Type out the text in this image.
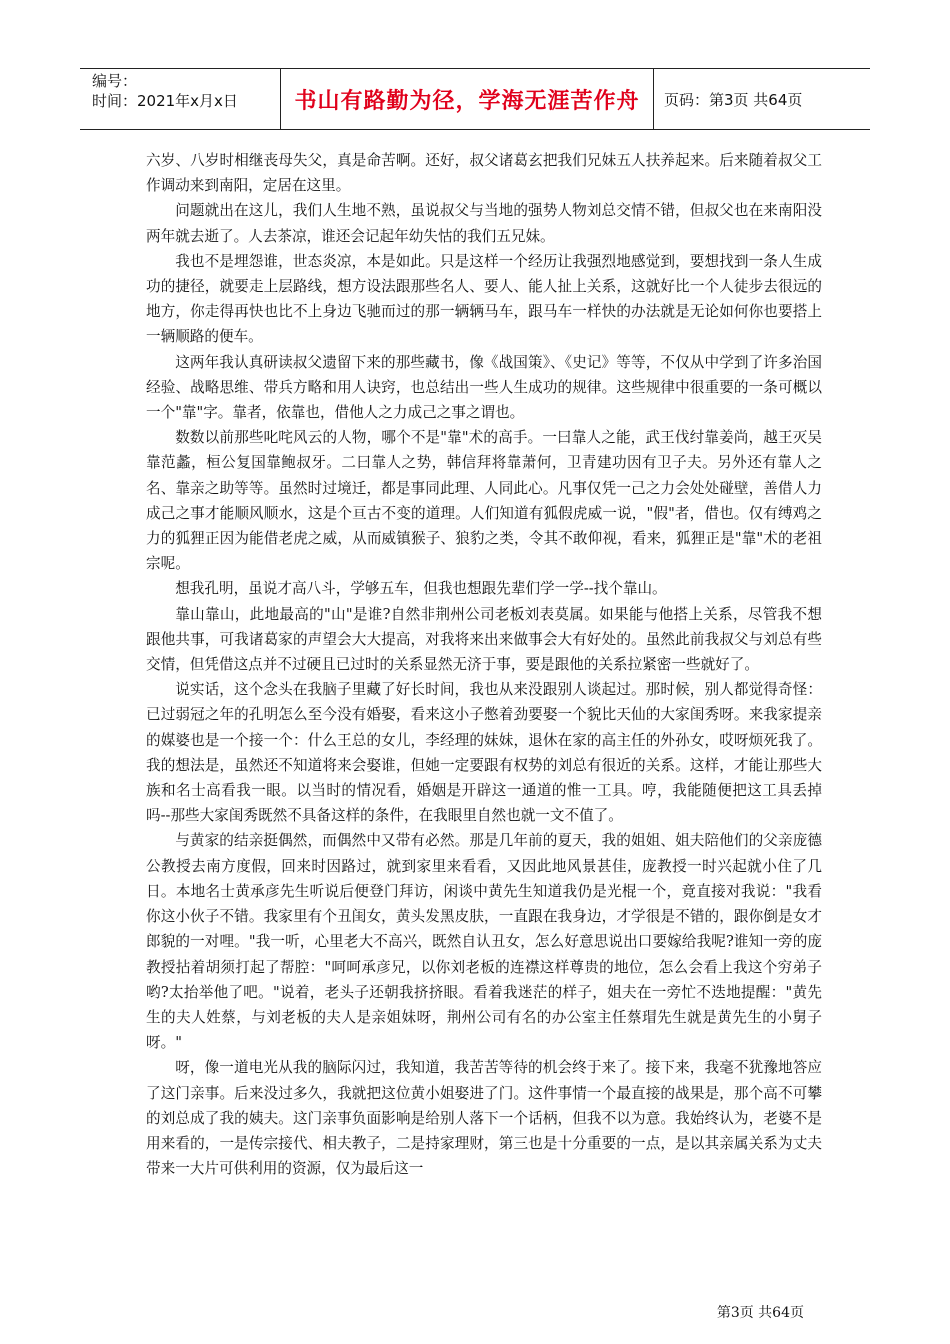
编号：
时间：2021年x月x日	书山有路勤为径，学海无涯苦作舟	页码：第3页 共64页

六岁、八岁时相继丧母失父，真是命苦啊。还好，叔父诸葛玄把我们兄妹五人扶养起来。后来随着叔父工作调动来到南阳，定居在这里。

问题就出在这儿，我们人生地不熟，虽说叔父与当地的强势人物刘总交情不错，但叔父也在来南阳没两年就去逝了。人去茶凉，谁还会记起年幼失怙的我们五兄妹。

我也不是埋怨谁，世态炎凉，本是如此。只是这样一个经历让我强烈地感觉到，要想找到一条人生成功的捷径，就要走上层路线，想方设法跟那些名人、要人、能人扯上关系，这就好比一个人徒步去很远的地方，你走得再快也比不上身边飞驰而过的那一辆辆马车，跟马车一样快的办法就是无论如何你也要搭上一辆顺路的便车。

这两年我认真研读叔父遗留下来的那些藏书，像《战国策》、《史记》等等，不仅从中学到了许多治国经验、战略思维、带兵方略和用人诀窍，也总结出一些人生成功的规律。这些规律中很重要的一条可概以一个"靠"字。靠者，依靠也，借他人之力成己之事之谓也。

数数以前那些叱咤风云的人物，哪个不是"靠"术的高手。一曰靠人之能，武王伐纣靠姜尚，越王灭吴靠范蠡，桓公复国靠鲍叔牙。二曰靠人之势，韩信拜将靠萧何，卫青建功因有卫子夫。另外还有靠人之名、靠亲之助等等。虽然时过境迁，都是事同此理、人同此心。凡事仅凭一己之力会处处碰壁，善借人力成己之事才能顺风顺水，这是个亘古不变的道理。人们知道有狐假虎威一说，"假"者，借也。仅有缚鸡之力的狐狸正因为能借老虎之威，从而威镇猴子、狼豹之类，令其不敢仰视，看来，狐狸正是"靠"术的老祖宗呢。

想我孔明，虽说才高八斗，学够五车，但我也想跟先辈们学一学--找个靠山。

靠山靠山，此地最高的"山"是谁?自然非荆州公司老板刘表莫属。如果能与他搭上关系，尽管我不想跟他共事，可我诸葛家的声望会大大提高，对我将来出来做事会大有好处的。虽然此前我叔父与刘总有些交情，但凭借这点并不过硬且已过时的关系显然无济于事，要是跟他的关系拉紧密一些就好了。

说实话，这个念头在我脑子里藏了好长时间，我也从来没跟别人谈起过。那时候，别人都觉得奇怪：已过弱冠之年的孔明怎么至今没有婚娶，看来这小子憋着劲要娶一个貌比天仙的大家闺秀呀。来我家提亲的媒婆也是一个接一个：什么王总的女儿，李经理的妹妹，退休在家的高主任的外孙女，哎呀烦死我了。我的想法是，虽然还不知道将来会娶谁，但她一定要跟有权势的刘总有很近的关系。这样，才能让那些大族和名士高看我一眼。以当时的情况看，婚姻是开辟这一通道的惟一工具。哼，我能随便把这工具丢掉吗--那些大家闺秀既然不具备这样的条件，在我眼里自然也就一文不值了。

与黄家的结亲挺偶然，而偶然中又带有必然。那是几年前的夏天，我的姐姐、姐夫陪他们的父亲庞德公教授去南方度假，回来时因路过，就到家里来看看，又因此地风景甚佳，庞教授一时兴起就小住了几日。本地名士黄承彦先生听说后便登门拜访，闲谈中黄先生知道我仍是光棍一个，竟直接对我说："我看你这小伙子不错。我家里有个丑闺女，黄头发黑皮肤，一直跟在我身边，才学很是不错的，跟你倒是女才郎貌的一对哩。"我一听，心里老大不高兴，既然自认丑女，怎么好意思说出口要嫁给我呢?谁知一旁的庞教授拈着胡须打起了帮腔："呵呵承彦兄，以你刘老板的连襟这样尊贵的地位，怎么会看上我这个穷弟子哟?太抬举他了吧。"说着，老头子还朝我挤挤眼。看着我迷茫的样子，姐夫在一旁忙不迭地提醒："黄先生的夫人姓蔡，与刘老板的夫人是亲姐妹呀，荆州公司有名的办公室主任蔡瑁先生就是黄先生的小舅子呀。"

呀，像一道电光从我的脑际闪过，我知道，我苦苦等待的机会终于来了。接下来，我毫不犹豫地答应了这门亲事。后来没过多久，我就把这位黄小姐娶进了门。这件事情一个最直接的战果是，那个高不可攀的刘总成了我的姨夫。这门亲事负面影响是给别人落下一个话柄，但我不以为意。我始终认为，老婆不是用来看的，一是传宗接代、相夫教子，二是持家理财，第三也是十分重要的一点，是以其亲属关系为丈夫带来一大片可供利用的资源，仅为最后这一

第3页 共64页
